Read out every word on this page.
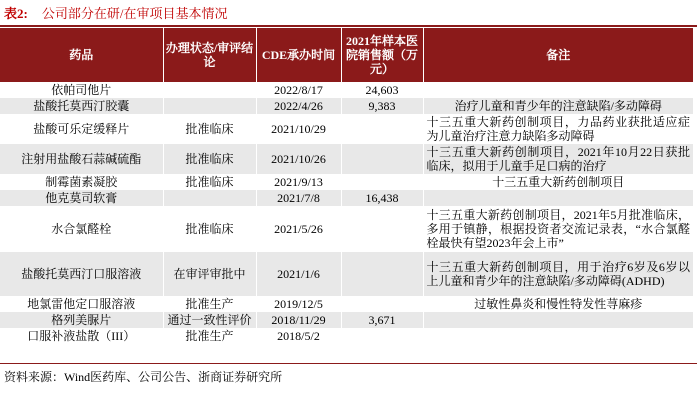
表2: 公司部分在研/在审项目基本情况
药品	办理状态/审评结论	CDE承办时间	2021年样本医院销售额（万元）	备注
依帕司他片		2022/8/17	24,603	
盐酸托莫西汀胶囊		2022/4/26	9,383	治疗儿童和青少年的注意缺陷/多动障碍
盐酸可乐定缓释片	批准临床	2021/10/29		十三五重大新药创制项目，力品药业获批适应症为儿童治疗注意力缺陷多动障碍
注射用盐酸石蒜碱硫酯	批准临床	2021/10/26		十三五重大新药创制项目，2021年10月22日获批临床，拟用于儿童手足口病的治疗
制霉菌素凝胶	批准临床	2021/9/13		十三五重大新药创制项目
他克莫司软膏		2021/7/8	16,438	
水合氯醛栓	批准临床	2021/5/26		十三五重大新药创制项目，2021年5月批准临床，多用于镇静，根据投资者交流记录表，“水合氯醛栓最快有望2023年会上市”
盐酸托莫西汀口服溶液	在审评审批中	2021/1/6		十三五重大新药创制项目，用于治疗6岁及6岁以上儿童和青少年的注意缺陷/多动障碍(ADHD)
地氯雷他定口服溶液	批准生产	2019/12/5		过敏性鼻炎和慢性特发性荨麻疹
格列美脲片	通过一致性评价	2018/11/29	3,671	
口服补液盐散（III）	批准生产	2018/5/2		
资料来源：Wind医药库、公司公告、浙商证券研究所
